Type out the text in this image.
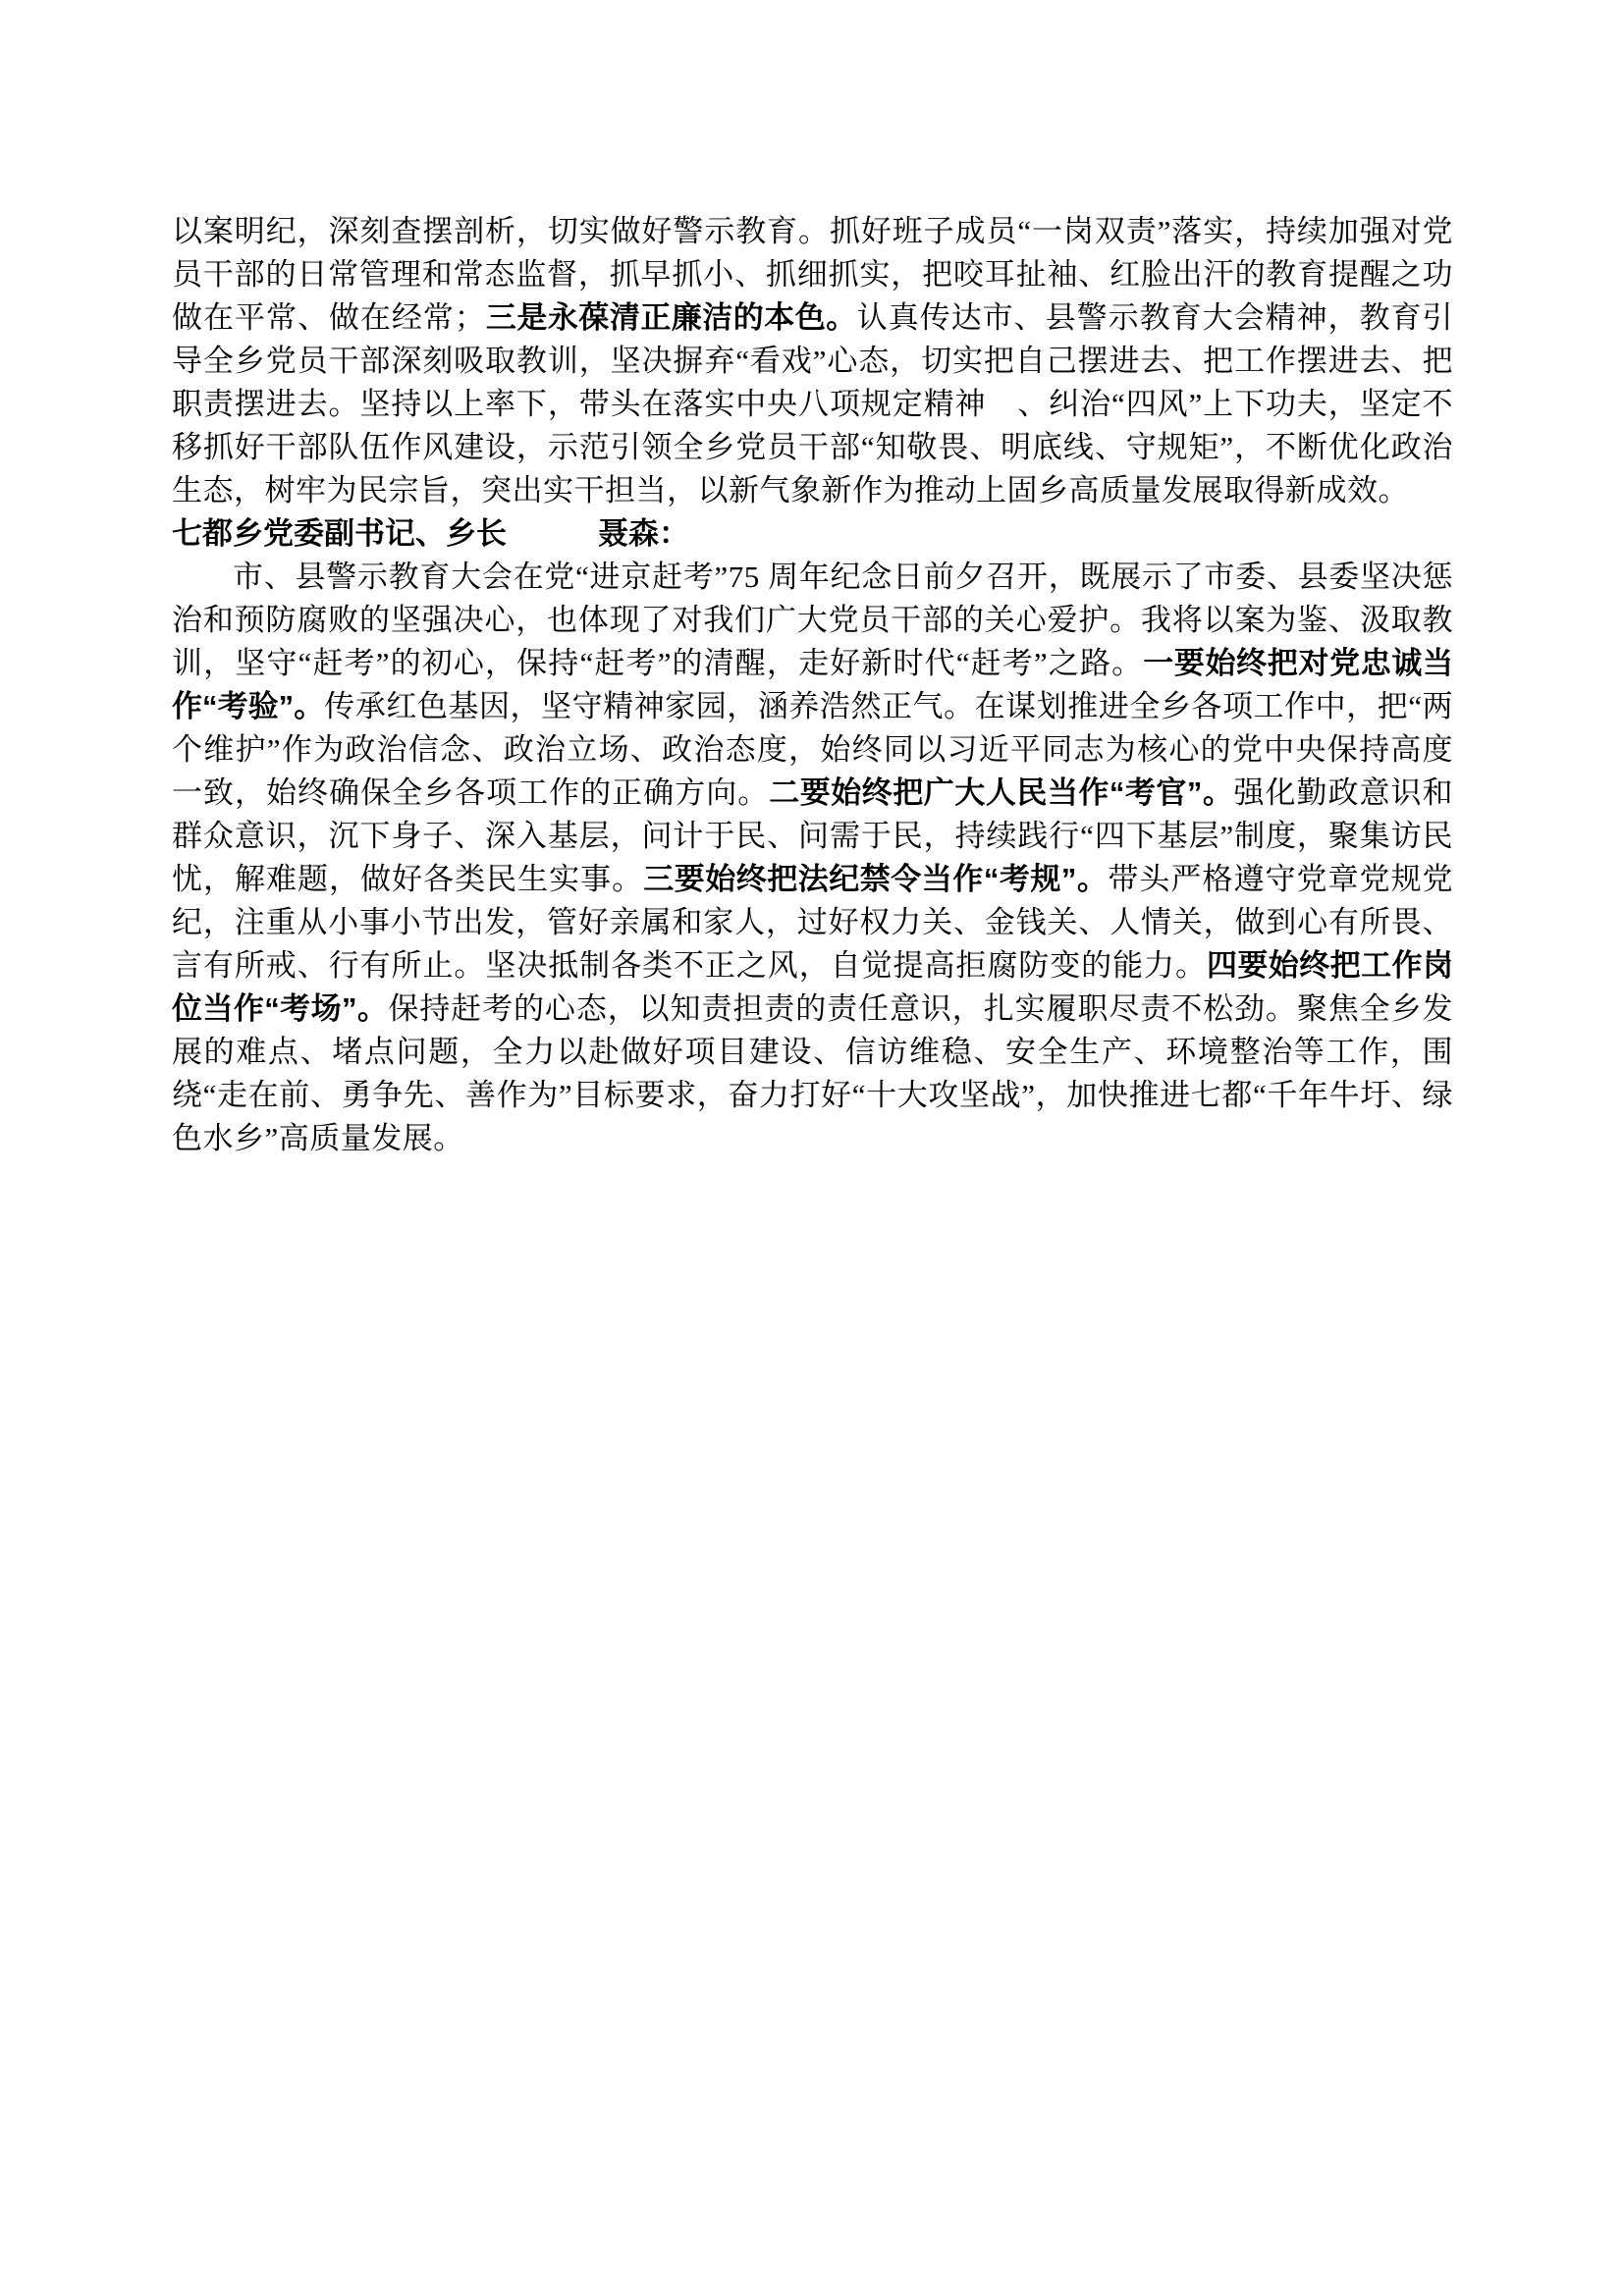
以案明纪，深刻查摆剖析，切实做好警示教育。抓好班子成员“一岗双责”落实，持续加强对党员干部的日常管理和常态监督，抓早抓小、抓细抓实，把咬耳扯袖、红脸出汗的教育提醒之功做在平常、做在经常；三是永葆清正廉洁的本色。认真传达市、县警示教育大会精神，教育引导全乡党员干部深刻吸取教训，坚决摒弃“看戏”心态，切实把自己摆进去、把工作摆进去、把职责摆进去。坚持以上率下，带头在落实中央八项规定精神　、纠治“四风”上下功夫，坚定不移抓好干部队伍作风建设，示范引领全乡党员干部“知敬畏、明底线、守规矩”，不断优化政治生态，树牢为民宗旨，突出实干担当，以新气象新作为推动上固乡高质量发展取得新成效。

七都乡党委副书记、乡长　　　聂森：

市、县警示教育大会在党“进京赶考”75 周年纪念日前夕召开，既展示了市委、县委坚决惩治和预防腐败的坚强决心，也体现了对我们广大党员干部的关心爱护。我将以案为鉴、汲取教训，坚守“赶考”的初心，保持“赶考”的清醒，走好新时代“赶考”之路。一要始终把对党忠诚当作“考验”。传承红色基因，坚守精神家园，涵养浩然正气。在谋划推进全乡各项工作中，把“两个维护”作为政治信念、政治立场、政治态度，始终同以习近平同志为核心的党中央保持高度一致，始终确保全乡各项工作的正确方向。二要始终把广大人民当作“考官”。强化勤政意识和群众意识，沉下身子、深入基层，问计于民、问需于民，持续践行“四下基层”制度，聚集访民忧，解难题，做好各类民生实事。三要始终把法纪禁令当作“考规”。带头严格遵守党章党规党纪，注重从小事小节出发，管好亲属和家人，过好权力关、金钱关、人情关，做到心有所畏、言有所戒、行有所止。坚决抵制各类不正之风，自觉提高拒腐防变的能力。四要始终把工作岗位当作“考场”。保持赶考的心态，以知责担责的责任意识，扎实履职尽责不松劲。聚焦全乡发展的难点、堵点问题，全力以赴做好项目建设、信访维稳、安全生产、环境整治等工作，围绕“走在前、勇争先、善作为”目标要求，奋力打好“十大攻坚战”，加快推进七都“千年牛圩、绿色水乡”高质量发展。
